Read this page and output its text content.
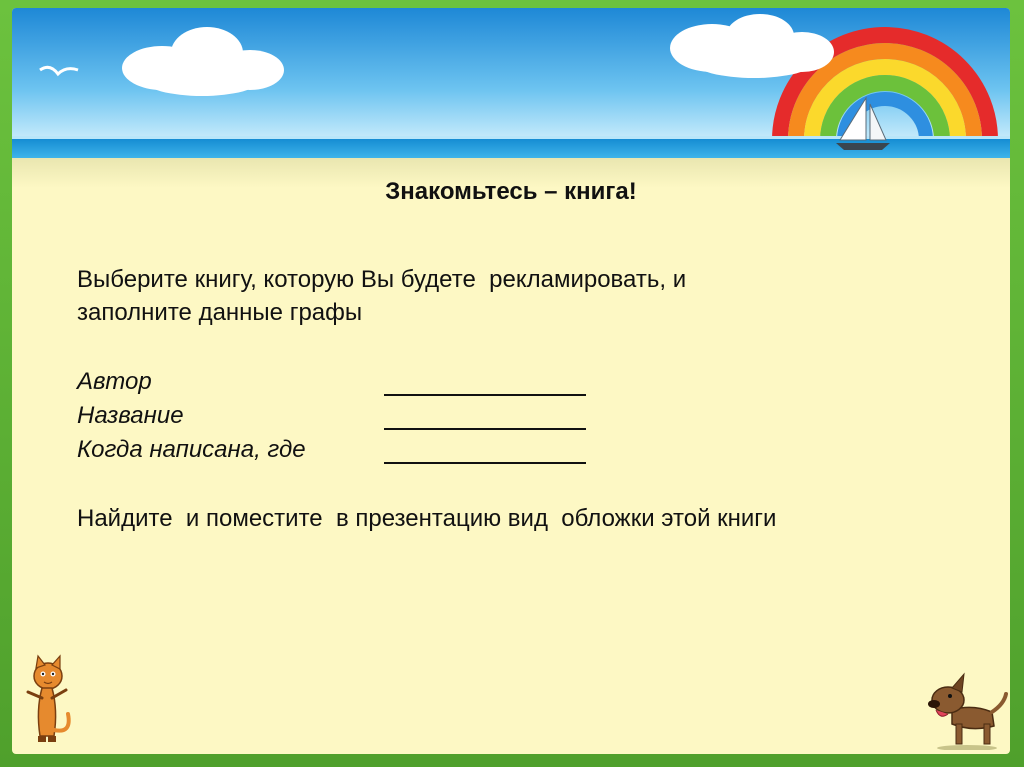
Знакомьтесь – книга!
Выберите книгу, которую Вы будете  рекламировать, и
заполните данные графы
Автор
Название
Когда написана, где
Найдите  и поместите  в презентацию вид  обложки этой книги
